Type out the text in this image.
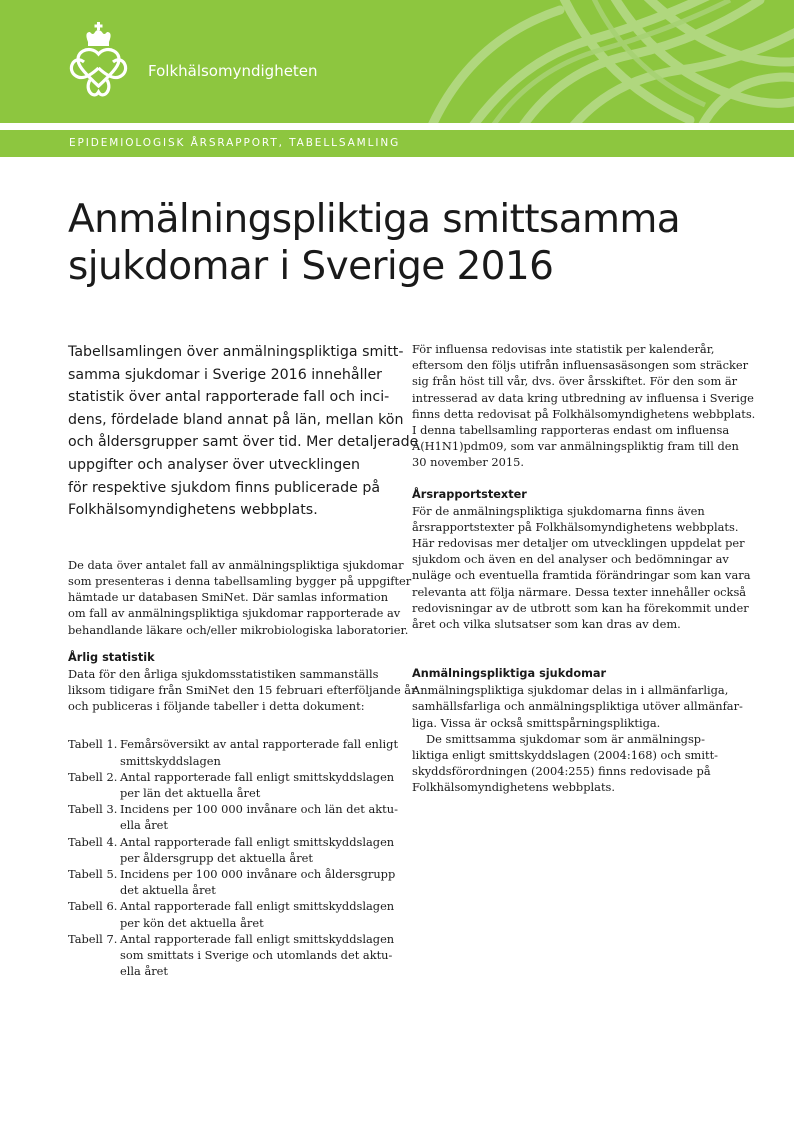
Folkhälsomyndigheten
EPIDEMIOLOGISK ÅRSRAPPORT, TABELLSAMLING
Anmälningspliktiga smittsamma
sjukdomar i Sverige 2016
Tabellsamlingen över anmälningspliktiga smitt-
samma sjukdomar i Sverige 2016 innehåller
statistik över antal rapporterade fall och inci-
dens, fördelade bland annat på län, mellan kön
och åldersgrupper samt över tid. Mer detaljerade
uppgifter och analyser över utvecklingen
för respektive sjukdom finns publicerade på
Folkhälsomyndighetens webbplats.
De data över antalet fall av anmälningspliktiga sjukdomar
som presenteras i denna tabellsamling bygger på uppgifter
hämtade ur databasen SmiNet. Där samlas information
om fall av anmälningspliktiga sjukdomar rapporterade av
behandlande läkare och/eller mikrobiologiska laboratorier.
Årlig statistik
Data för den årliga sjukdomsstatistiken sammanställs
liksom tidigare från SmiNet den 15 februari efterföljande år
och publiceras i följande tabeller i detta dokument:
Tabell 1. Femårsöversikt av antal rapporterade fall enligt
smittskyddslagen
Tabell 2. Antal rapporterade fall enligt smittskyddslagen
per län det aktuella året
Tabell 3. Incidens per 100 000 invånare och län det aktu-
ella året
Tabell 4. Antal rapporterade fall enligt smittskyddslagen
per åldersgrupp det aktuella året
Tabell 5. Incidens per 100 000 invånare och åldersgrupp
det aktuella året
Tabell 6. Antal rapporterade fall enligt smittskyddslagen
per kön det aktuella året
Tabell 7. Antal rapporterade fall enligt smittskyddslagen
som smittats i Sverige och utomlands det aktu-
ella året
För influensa redovisas inte statistik per kalenderår,
eftersom den följs utifrån influensasäsongen som sträcker
sig från höst till vår, dvs. över årsskiftet. För den som är
intresserad av data kring utbredning av influensa i Sverige
finns detta redovisat på Folkhälsomyndighetens webbplats.
I denna tabellsamling rapporteras endast om influensa
A(H1N1)pdm09, som var anmälningspliktig fram till den
30 november 2015.
Årsrapportstexter
För de anmälningspliktiga sjukdomarna finns även
årsrapportstexter på Folkhälsomyndighetens webbplats.
Här redovisas mer detaljer om utvecklingen uppdelat per
sjukdom och även en del analyser och bedömningar av
nuläge och eventuella framtida förändringar som kan vara
relevanta att följa närmare. Dessa texter innehåller också
redovisningar av de utbrott som kan ha förekommit under
året och vilka slutsatser som kan dras av dem.
Anmälningspliktiga sjukdomar
Anmälningspliktiga sjukdomar delas in i allmänfarliga,
samhällsfarliga och anmälningspliktiga utöver allmänfar-
liga. Vissa är också smittspårningspliktiga.
De smittsamma sjukdomar som är anmälningsp-
liktiga enligt smittskyddslagen (2004:168) och smitt-
skyddsförordningen (2004:255) finns redovisade på
Folkhälsomyndighetens webbplats.
